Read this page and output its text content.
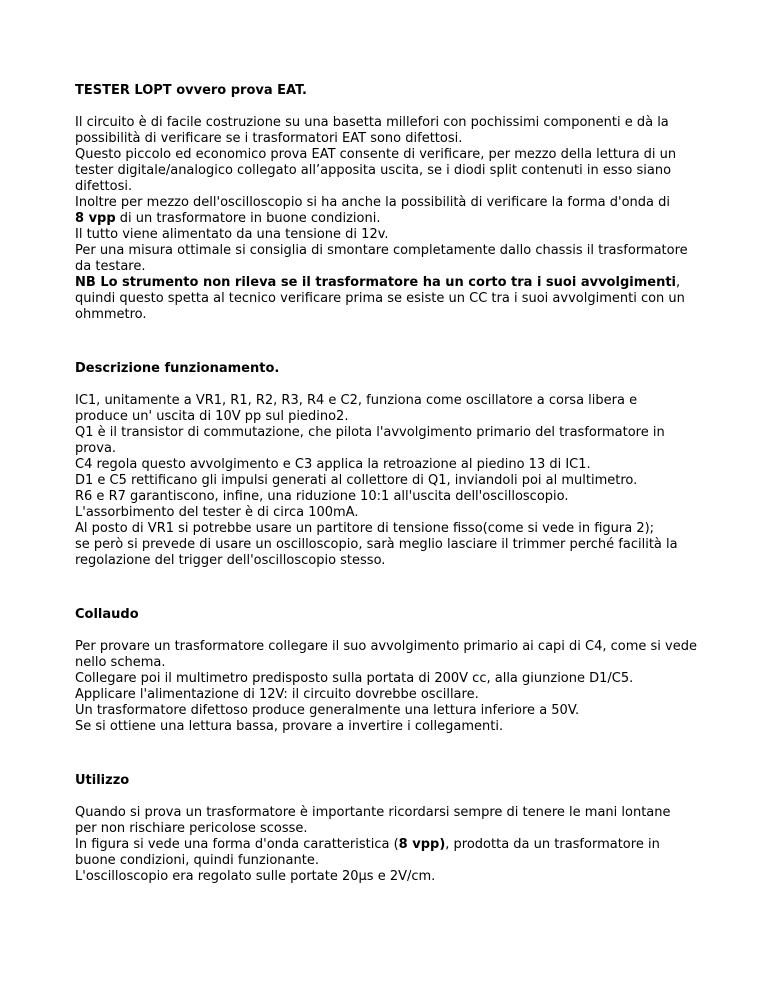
TESTER LOPT ovvero prova EAT.
Il circuito è di facile costruzione su una basetta millefori con pochissimi componenti e dà la
possibilità di verificare se i trasformatori EAT sono difettosi.
Questo piccolo ed economico prova EAT consente di verificare, per mezzo della lettura di un
tester digitale/analogico collegato all’apposita uscita, se i diodi split contenuti in esso siano
difettosi.
Inoltre per mezzo dell'oscilloscopio si ha anche la possibilità di verificare la forma d'onda di
8 vpp di un trasformatore in buone condizioni.
Il tutto viene alimentato da una tensione di 12v.
Per una misura ottimale si consiglia di smontare completamente dallo chassis il trasformatore
da testare.
NB Lo strumento non rileva se il trasformatore ha un corto tra i suoi avvolgimenti,
quindi questo spetta al tecnico verificare prima se esiste un CC tra i suoi avvolgimenti con un
ohmmetro.
Descrizione funzionamento.
IC1, unitamente a VR1, R1, R2, R3, R4 e C2, funziona come oscillatore a corsa libera e
produce un' uscita di 10V pp sul piedino2.
Q1 è il transistor di commutazione, che pilota l'avvolgimento primario del trasformatore in
prova.
C4 regola questo avvolgimento e C3 applica la retroazione al piedino 13 di IC1.
D1 e C5 rettificano gli impulsi generati al collettore di Q1, inviandoli poi al multimetro.
R6 e R7 garantiscono, infine, una riduzione 10:1 all'uscita dell'oscilloscopio.
L'assorbimento del tester è di circa 100mA.
Al posto di VR1 si potrebbe usare un partitore di tensione fisso(come si vede in figura 2);
se però si prevede di usare un oscilloscopio, sarà meglio lasciare il trimmer perché facilità la
regolazione del trigger dell'oscilloscopio stesso.
Collaudo
Per provare un trasformatore collegare il suo avvolgimento primario ai capi di C4, come si vede
nello schema.
Collegare poi il multimetro predisposto sulla portata di 200V cc, alla giunzione D1/C5.
Applicare l'alimentazione di 12V: il circuito dovrebbe oscillare.
Un trasformatore difettoso produce generalmente una lettura inferiore a 50V.
Se si ottiene una lettura bassa, provare a invertire i collegamenti.
Utilizzo
Quando si prova un trasformatore è importante ricordarsi sempre di tenere le mani lontane
per non rischiare pericolose scosse.
In figura si vede una forma d'onda caratteristica (8 vpp), prodotta da un trasformatore in
buone condizioni, quindi funzionante.
L'oscilloscopio era regolato sulle portate 20µs e 2V/cm.
